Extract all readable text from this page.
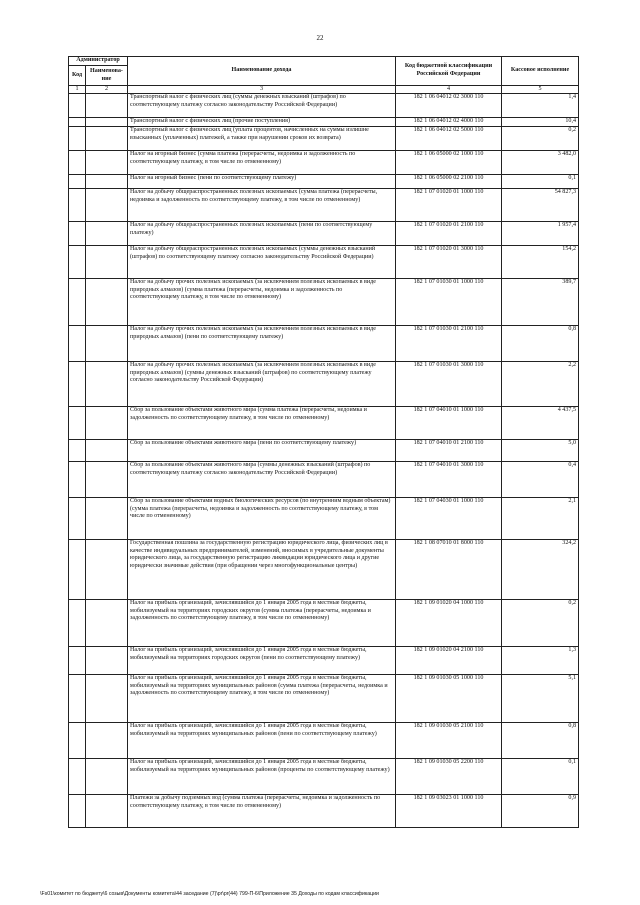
22
Администратор		Наименование дохода	Код бюджетной классификации Российской Федерации	Кассовое исполнение
Код	Наименова-ние			
1	2	3	4	5
		Транспортный налог с физических лиц (суммы денежных взысканий (штрафов) по соответствующему платежу согласно законодательству Российской Федерации)	182 1 06 04012 02 3000 110	1,4
		Транспортный налог с физических лиц (прочие поступления)	182 1 06 04012 02 4000 110	10,4
		Транспортный налог с физических лиц (уплата процентов, начисленных на суммы излишне взысканных (уплаченных) платежей, а также при нарушении сроков их возврата)	182 1 06 04012 02 5000 110	0,2
		Налог на игорный бизнес (сумма платежа (перерасчеты, недоимка и задолженность по соответствующему платежу, в том числе по отмененному)	182 1 06 05000 02 1000 110	3 482,0
		Налог на игорный бизнес (пени по соответствующему платежу)	182 1 06 05000 02 2100 110	0,1
		Налог на добычу общераспространенных полезных ископаемых (сумма платежа (перерасчеты, недоимка и задолженность по соответствующему платежу, в том числе по отмененному)	182 1 07 01020 01 1000 110	54 827,3
		Налог на добычу общераспространенных полезных ископаемых (пени по соответствующему платежу)	182 1 07 01020 01 2100 110	1 957,4
		Налог на добычу общераспространенных полезных ископаемых (суммы денежных взысканий (штрафов) по соответствующему платежу согласно законодательству Российской Федерации)	182 1 07 01020 01 3000 110	154,2
		Налог на добычу прочих полезных ископаемых (за исключением полезных ископаемых в виде природных алмазов) (сумма платежа (перерасчеты, недоимка и задолженность по соответствующему платежу, в том числе по отмененному)	182 1 07 01030 01 1000 110	389,7
		Налог на добычу прочих полезных ископаемых (за исключением полезных ископаемых в виде природных алмазов) (пени по соответствующему платежу)	182 1 07 01030 01 2100 110	0,8
		Налог на добычу прочих полезных ископаемых (за исключением полезных ископаемых в виде природных алмазов) (суммы денежных взысканий (штрафов) по соответствующему платежу согласно законодательству Российской Федерации)	182 1 07 01030 01 3000 110	2,2
		Сбор за пользование объектами животного мира (сумма платежа (перерасчеты, недоимка и задолженность по соответствующему платежу, в том числе по отмененному)	182 1 07 04010 01 1000 110	4 437,5
		Сбор за пользование объектами животного мира (пени по соответствующему платежу)	182 1 07 04010 01 2100 110	5,0
		Сбор за пользование объектами животного мира (суммы денежных взысканий (штрафов) по соответствующему платежу согласно законодательству Российской Федерации)	182 1 07 04010 01 3000 110	0,4
		Сбор за пользование объектами водных биологических ресурсов (по внутренним водным объектам) (сумма платежа (перерасчеты, недоимка и задолженность по соответствующему платежу, в том числе по отмененному)	182 1 07 04030 01 1000 110	2,1
		Государственная пошлина за государственную регистрацию юридического лица, физических лиц в качестве индивидуальных предпринимателей, изменений, вносимых в учредительные документы юридического лица, за государственную регистрацию ликвидации юридического лица и другие юридически значимые действия (при обращении через многофункциональные центры)	182 1 08 07010 01 8000 110	324,2
		Налог на прибыль организаций, зачислявшийся до 1 января 2005 года в местные бюджеты, мобилизуемый на территориях городских округов (сумма платежа (перерасчеты, недоимка и задолженность по соответствующему платежу, в том числе по отмененному)	182 1 09 01020 04 1000 110	0,2
		Налог на прибыль организаций, зачислявшийся до 1 января 2005 года в местные бюджеты, мобилизуемый на территориях городских округов (пени по соответствующему платежу)	182 1 09 01020 04 2100 110	1,3
		Налог на прибыль организаций, зачислявшийся до 1 января 2005 года в местные бюджеты, мобилизуемый на территориях муниципальных районов (сумма платежа (перерасчеты, недоимка и задолженность по соответствующему платежу, в том числе по отмененному)	182 1 09 01030 05 1000 110	5,1
		Налог на прибыль организаций, зачислявшийся до 1 января 2005 года в местные бюджеты, мобилизуемый на территориях муниципальных районов (пени по соответствующему платежу)	182 1 09 01030 05 2100 110	0,8
		Налог на прибыль организаций, зачислявшийся до 1 января 2005 года в местные бюджеты, мобилизуемый на территориях муниципальных районов (проценты по соответствующему платежу)	182 1 09 01030 05 2200 110	0,1
		Платежи за добычу подземных вод (сумма платежа (перерасчеты, недоимка и задолженность по соответствующему платежу, в том числе по отмененному)	182 1 09 03023 01 1000 110	0,9
\Fs01\комитет по бюджету\6 созыв\Документы комитета\44 заседание (7)\pr\pr(44) 799-П-6\Приложение 35 Доходы по кодам классификации
